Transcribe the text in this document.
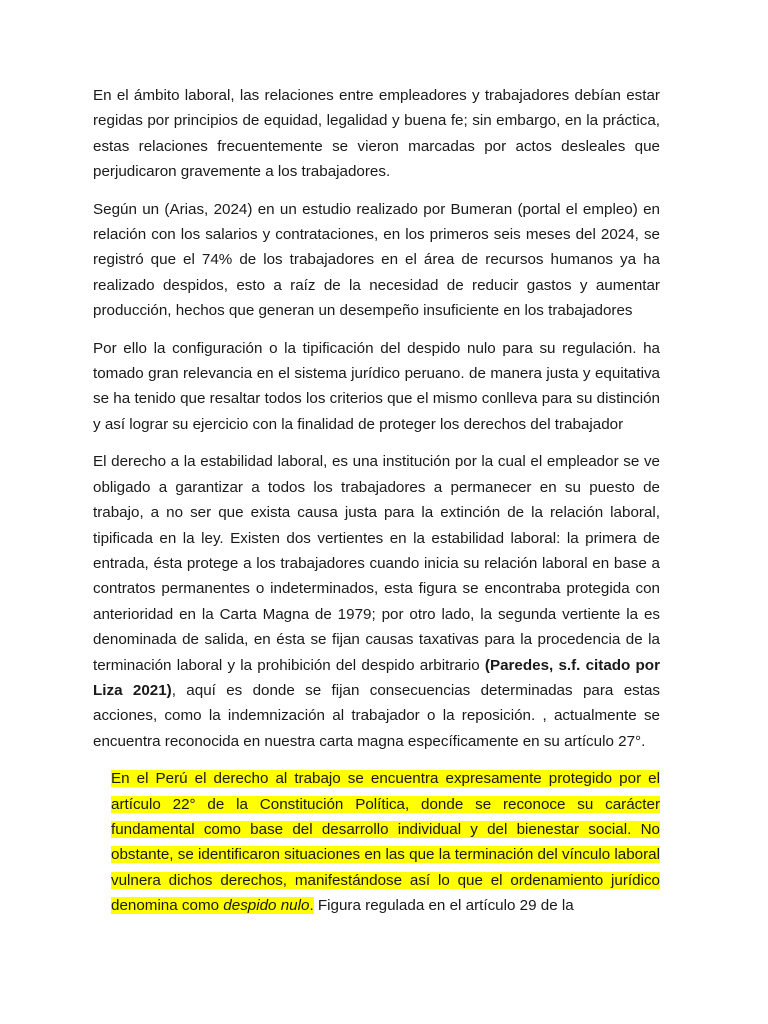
En el ámbito laboral, las relaciones entre empleadores y trabajadores debían estar regidas por principios de equidad, legalidad y buena fe; sin embargo, en la práctica, estas relaciones frecuentemente se vieron marcadas por actos desleales que perjudicaron gravemente a los trabajadores.

Según un (Arias, 2024) en un estudio realizado por Bumeran (portal el empleo) en relación con los salarios y contrataciones, en los primeros seis meses del 2024, se registró que el 74% de los trabajadores en el área de recursos humanos ya ha realizado despidos, esto a raíz de la necesidad de reducir gastos y aumentar producción, hechos que generan un desempeño insuficiente en los trabajadores

Por ello la configuración o la tipificación del despido nulo para su regulación. ha tomado gran relevancia en el sistema jurídico peruano. de manera justa y equitativa se ha tenido que resaltar todos los criterios que el mismo conlleva para su distinción y así lograr su ejercicio con la finalidad de proteger los derechos del trabajador

El derecho a la estabilidad laboral, es una institución por la cual el empleador se ve obligado a garantizar a todos los trabajadores a permanecer en su puesto de trabajo, a no ser que exista causa justa para la extinción de la relación laboral, tipificada en la ley. Existen dos vertientes en la estabilidad laboral: la primera de entrada, ésta protege a los trabajadores cuando inicia su relación laboral en base a contratos permanentes o indeterminados, esta figura se encontraba protegida con anterioridad en la Carta Magna de 1979; por otro lado, la segunda vertiente la es denominada de salida, en ésta se fijan causas taxativas para la procedencia de la terminación laboral y la prohibición del despido arbitrario (Paredes, s.f. citado por Liza 2021), aquí es donde se fijan consecuencias determinadas para estas acciones, como la indemnización al trabajador o la reposición. , actualmente se encuentra reconocida en nuestra carta magna específicamente en su artículo 27°.

En el Perú el derecho al trabajo se encuentra expresamente protegido por el artículo 22° de la Constitución Política, donde se reconoce su carácter fundamental como base del desarrollo individual y del bienestar social. No obstante, se identificaron situaciones en las que la terminación del vínculo laboral vulnera dichos derechos, manifestándose así lo que el ordenamiento jurídico denomina como despido nulo. Figura regulada en el artículo 29 de la
